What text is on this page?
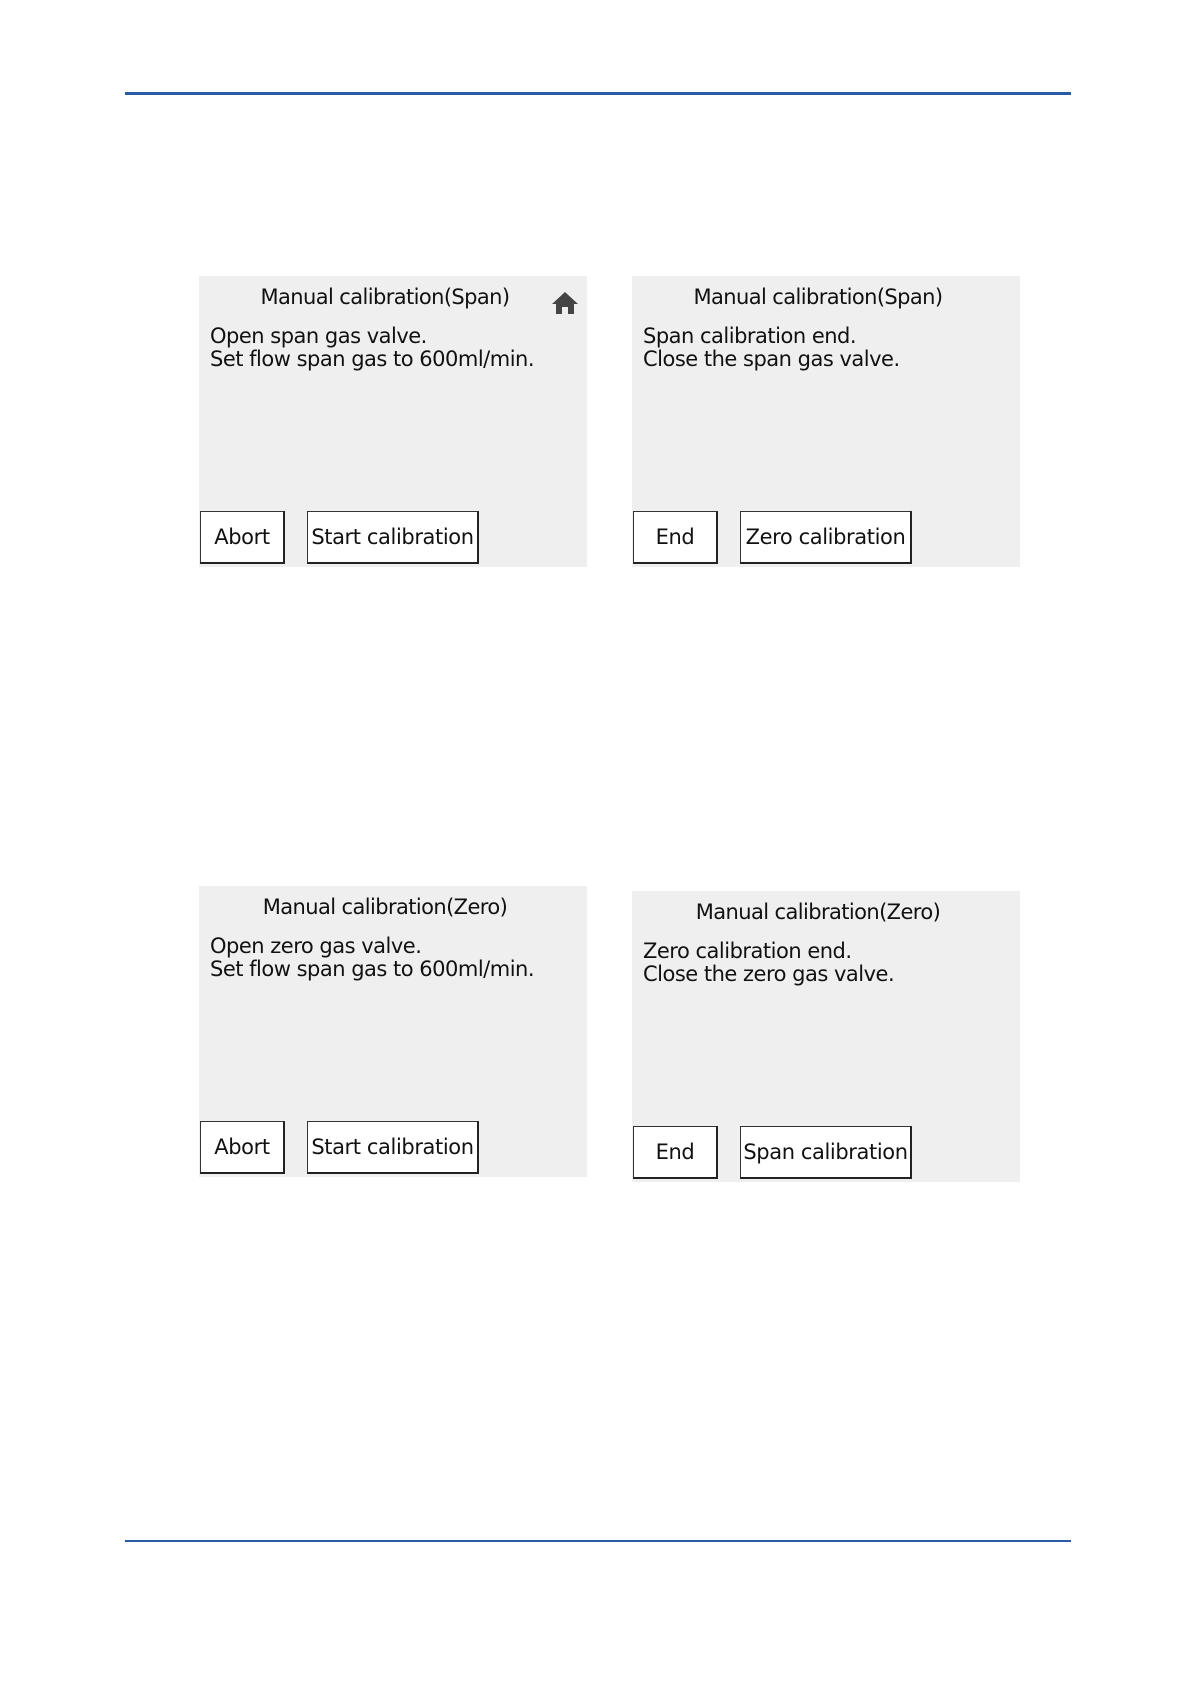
Manual calibration(Span)
Open span gas valve.
Set flow span gas to 600ml/min.
Abort	Start calibration
Manual calibration(Span)
Span calibration end.
Close the span gas valve.
End	Zero calibration
Manual calibration(Zero)
Open zero gas valve.
Set flow span gas to 600ml/min.
Abort	Start calibration
Manual calibration(Zero)
Zero calibration end.
Close the zero gas valve.
End	Span calibration
